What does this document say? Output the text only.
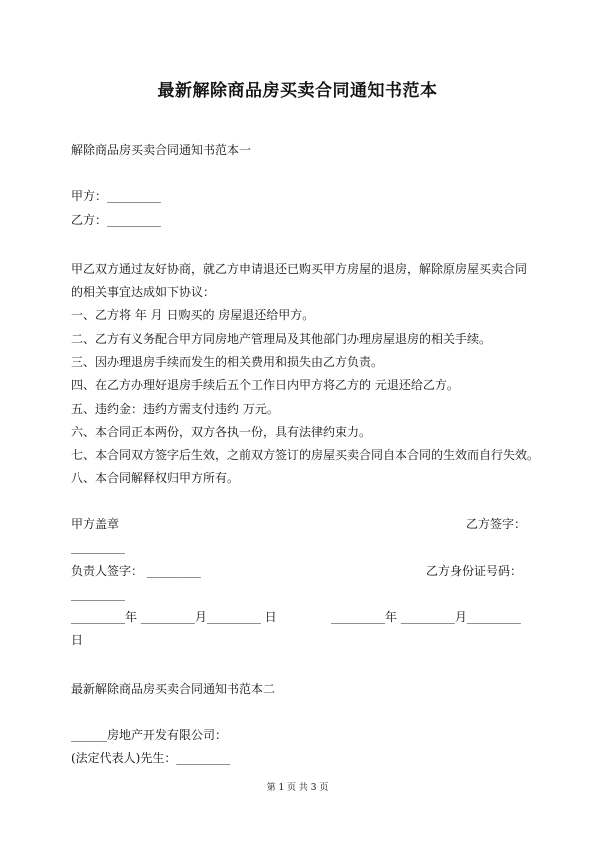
最新解除商品房买卖合同通知书范本
解除商品房买卖合同通知书范本一
甲方：_________
乙方：_________
甲乙双方通过友好协商，就乙方申请退还已购买甲方房屋的退房，解除原房屋买卖合同
的相关事宜达成如下协议：
一、乙方将 年 月 日购买的 房屋退还给甲方。
二、乙方有义务配合甲方同房地产管理局及其他部门办理房屋退房的相关手续。
三、因办理退房手续而发生的相关费用和损失由乙方负责。
四、在乙方办理好退房手续后五个工作日内甲方将乙方的 元退还给乙方。
五、违约金：违约方需支付违约 万元。
六、本合同正本两份，双方各执一份，具有法律约束力。
七、本合同双方签字后生效，之前双方签订的房屋买卖合同自本合同的生效而自行失效。
八、本合同解释权归甲方所有。
甲方盖章	乙方签字：
_________
负责人签字： _________	乙方身份证号码：
_________
_________年 _________月_________ 日	_________年 _________月_________
日
最新解除商品房买卖合同通知书范本二
______房地产开发有限公司：
(法定代表人)先生：_________
第 1 页 共 3 页
